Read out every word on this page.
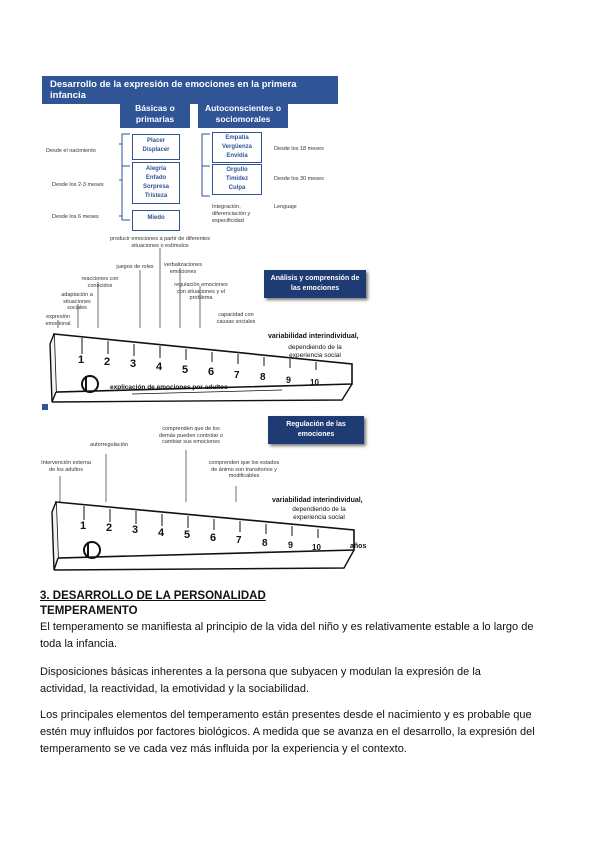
Desarrollo de la expresión de emociones en la primera infancia
Básicas o primarias
Autoconscientes o sociomorales
Desde el nacimiento
Desde los 2-3 meses
Desde los 6 meses
Placer
Displacer
Alegría
Enfado
Sorpresa
Tristeza
Miedo
Empatía
Vergüenza
Envidia
Orgullo
Timidez
Culpa
Integración, diferenciación y especificidad
Desde los 18 meses
Desde los 30 meses
Lenguaje
producir emociones a partir de diferentes situaciones o estímulos
juegos de roles	verbalizaciones emociones
reacciones con conocidos	regulación emociones con situaciones y el problema
adaptación a situaciones sociales
expresión emocional
capacidad con causas sociales
Análisis y comprensión de las emociones
1 2 3 4 5 6 7 8 9 10
variabilidad interindividual,
dependiendo de la experiencia social
explicación de emociones por adultos
Regulación de las emociones
Intervención externa de los adultos
autorregulación
comprenden que de los demás pueden controlar o cambiar sus emociones
comprenden que los estados de ánimo son transitorios y modificables
1 2 3 4 5 6 7 8 9 10
variabilidad interindividual,
dependiendo de la experiencia social
años
3. DESARROLLO DE LA PERSONALIDAD
TEMPERAMENTO
El temperamento se manifiesta al principio de la vida del niño y es relativamente estable a lo largo de
toda la infancia.
Disposiciones básicas inherentes a la persona que subyacen y modulan la expresión de la
actividad, la reactividad, la emotividad y la sociabilidad.
Los principales elementos del temperamento están presentes desde el nacimiento y es probable que
estén muy influidos por factores biológicos. A medida que se avanza en el desarrollo, la expresión del
temperamento se ve cada vez más influida por la experiencia y el contexto.
